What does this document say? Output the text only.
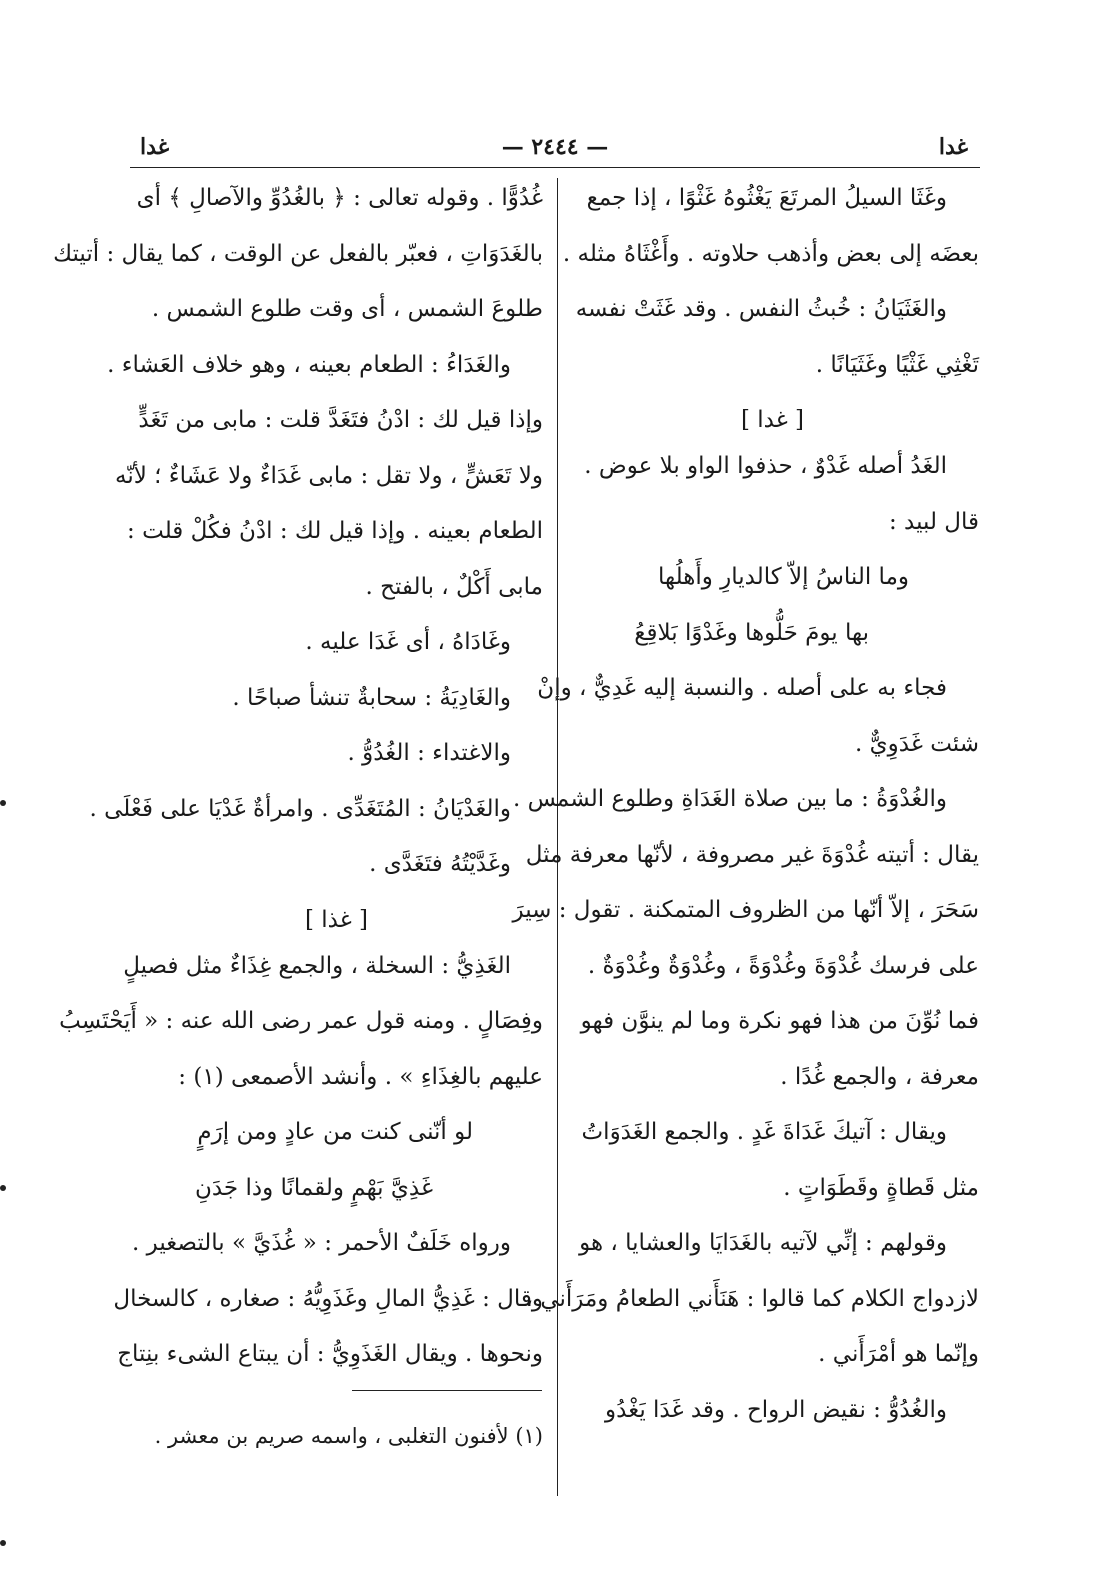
غدا	— ٢٤٤٤ —	غدا

وغَثَا السيلُ المرتَعَ يَغْثُوهُ غَثْوًا ، إذا جمع

بعضَه إلى بعض وأذهب حلاوته . وأَغْثَاهُ مثله .

والغَثَيَانُ : خُبثُ النفس . وقد غَثَتْ نفسه

تَغْثِي غَثْيًا وغَثَيَانًا .

[ غدا ]

الغَدُ أصله غَدْوٌ ، حذفوا الواو بلا عوض .

قال لبيد :

وما الناسُ إلاّ كالديارِ وأَهلُها

بها يومَ حَلُّوها وغَدْوًا بَلاقِعُ

فجاء به على أصله . والنسبة إليه غَدِيٌّ ، وإنْ

شئت غَدَوِيٌّ .

والغُدْوَةُ : ما بين صلاة الغَدَاةِ وطلوع الشمس .

يقال : أتيته غُدْوَةَ غير مصروفة ، لأنّها معرفة مثل

سَحَرَ ، إلاّ أنّها من الظروف المتمكنة . تقول : سِيرَ

على فرسك غُدْوَةَ وغُدْوَةً ، وغُدْوَةٌ وغُدْوَةٌ .

فما نُوِّنَ من هذا فهو نكرة وما لم ينوَّن فهو

معرفة ، والجمع غُدًا .

ويقال : آتيكَ غَدَاةَ غَدٍ . والجمع الغَدَوَاتُ

مثل قَطاةٍ وقَطَوَاتٍ .

وقولهم : إنِّي لآتيه بالغَدَايَا والعشايا ، هو

لازدواج الكلام كما قالوا : هَنَأَني الطعامُ ومَرَأَني ،

وإنّما هو أمْرَأَني .

والغُدُوُّ : نقيض الرواح . وقد غَدَا يَغْدُو

غُدُوًّا . وقوله تعالى : ﴿ بالغُدُوِّ والآصالِ ﴾ أى

بالغَدَوَاتِ ، فعبّر بالفعل عن الوقت ، كما يقال : أتيتك

طلوعَ الشمس ، أى وقت طلوع الشمس .

والغَدَاءُ : الطعام بعينه ، وهو خلاف العَشاء .

وإذا قيل لك : ادْنُ فتَغَدَّ قلت : مابى من تَغَدٍّ

ولا تَعَشٍّ ، ولا تقل : مابى غَدَاءٌ ولا عَشَاءٌ ؛ لأنّه

الطعام بعينه . وإذا قيل لك : ادْنُ فكُلْ قلت :

مابى أَكْلٌ ، بالفتح .

وغَادَاهُ ، أى غَدَا عليه .

والغَادِيَةُ : سحابةٌ تنشأ صباحًا .

والاغتداء : الغُدُوُّ .

والغَدْيَانُ : المُتَغَدِّى . وامرأةٌ غَدْيَا على فَعْلَى .

وغَدَّيْتُهُ فتَغَدَّى .

[ غذا ]

الغَذِيُّ : السخلة ، والجمع غِذَاءٌ مثل فصيلٍ

وفِصَالٍ . ومنه قول عمر رضى الله عنه : « أَيَحْتَسِبُ

عليهم بالغِذَاءِ » . وأنشد الأصمعى (١) :

لو أنّنى كنت من عادٍ ومن إرَمٍ

غَذِيَّ بَهْمٍ ولقمانًا وذا جَدَنِ

ورواه خَلَفٌ الأحمر : « غُذَيَّ » بالتصغير .

وقال : غَذِيُّ المالِ وغَذَوِيُّهُ : صغاره ، كالسخال

ونحوها . ويقال الغَذَوِيُّ : أن يبتاع الشىء بنِتاج

(١) لأفنون التغلبى ، واسمه صريم بن معشر .
